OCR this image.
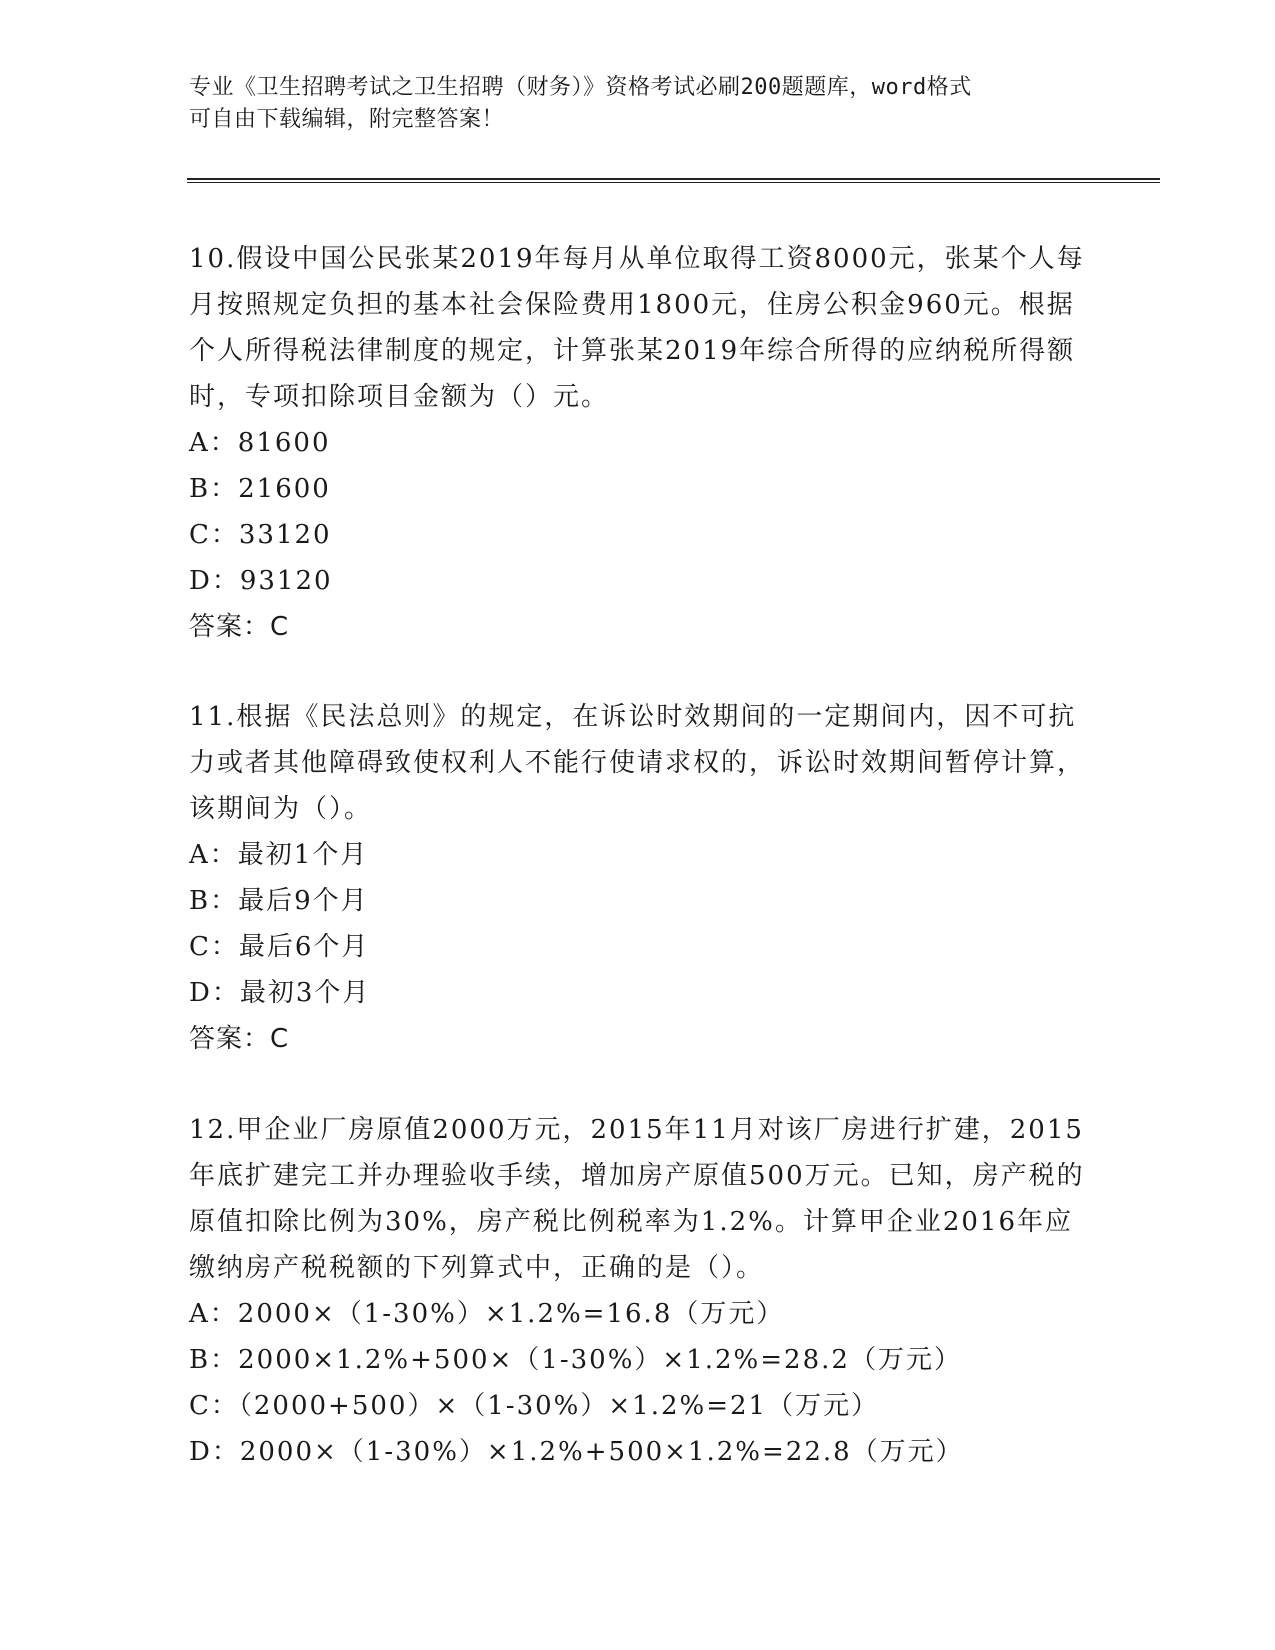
专业《卫生招聘考试之卫生招聘（财务）》资格考试必刷200题题库，word格式
可自由下载编辑，附完整答案！

10.假设中国公民张某2019年每月从单位取得工资8000元，张某个人每月按照规定负担的基本社会保险费用1800元，住房公积金960元。根据个人所得税法律制度的规定，计算张某2019年综合所得的应纳税所得额时，专项扣除项目金额为（）元。

A：81600

B：21600

C：33120

D：93120

答案：C

11.根据《民法总则》的规定，在诉讼时效期间的一定期间内，因不可抗力或者其他障碍致使权利人不能行使请求权的，诉讼时效期间暂停计算，该期间为（）。

A：最初1个月

B：最后9个月

C：最后6个月

D：最初3个月

答案：C

12.甲企业厂房原值2000万元，2015年11月对该厂房进行扩建，2015年底扩建完工并办理验收手续，增加房产原值500万元。已知，房产税的原值扣除比例为30%，房产税比例税率为1.2%。计算甲企业2016年应缴纳房产税税额的下列算式中，正确的是（）。

A：2000×（1-30%）×1.2%=16.8（万元）

B：2000×1.2%+500×（1-30%）×1.2%=28.2（万元）

C：（2000+500）×（1-30%）×1.2%=21（万元）

D：2000×（1-30%）×1.2%+500×1.2%=22.8（万元）
